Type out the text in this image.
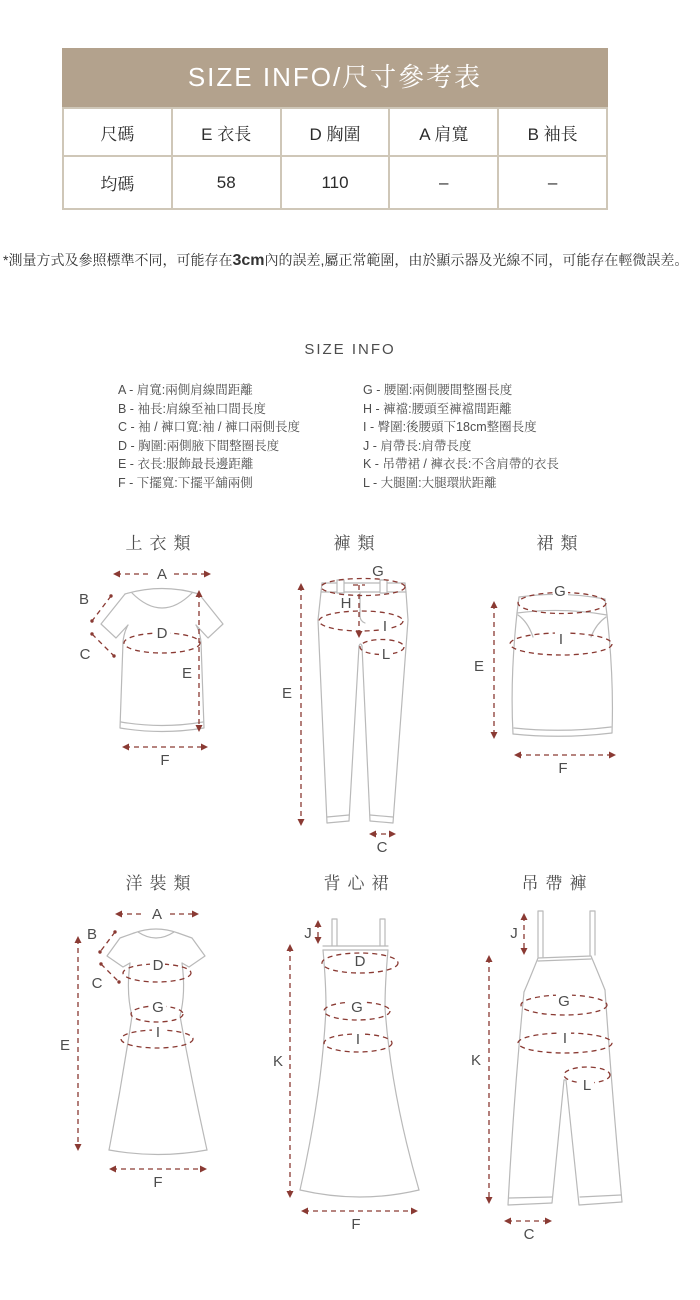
SIZE INFO/尺寸參考表
尺碼	E 衣長	D 胸圍	A 肩寬	B 袖長
均碼	58	110	–	–
*測量方式及參照標準不同，可能存在3cm內的誤差,屬正常範圍，由於顯示器及光線不同，可能存在輕微誤差。
SIZE INFO
A - 肩寬:兩側肩線間距離
B - 袖長:肩線至袖口間長度
C - 袖 / 褲口寬:袖 / 褲口兩側長度
D - 胸圍:兩側腋下間整圈長度
E - 衣長:服飾最長邊距離
F - 下擺寬:下擺平舖兩側
G - 腰圍:兩側腰間整圈長度
H - 褲襠:腰頭至褲襠間距離
I - 臀圍:後腰頭下18cm整圈長度
J - 肩帶長:肩帶長度
K - 吊帶裙 / 褲衣長:不含肩帶的衣長
L - 大腿圍:大腿環狀距離
上衣類	褲類	裙類
A
B
C
D
E
F
G
H
I
L
E
C
G
I
E
F
洋裝類	背心裙	吊帶褲
A
B
C
D
G
I
E
F
J
D
G
I
K
F
J
G
I
L
K
C
